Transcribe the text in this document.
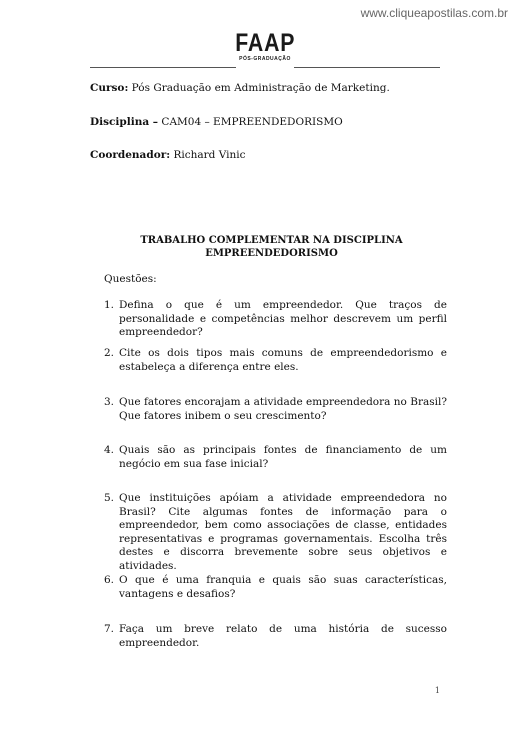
www.cliqueapostilas.com.br
FAAP
PÓS-GRADUAÇÃO
Curso: Pós Graduação em Administração de Marketing.
Disciplina – CAM04 – EMPREENDEDORISMO
Coordenador: Richard Vinic
TRABALHO COMPLEMENTAR NA DISCIPLINA
EMPREENDEDORISMO
Questões:
1. Defina o que é um empreendedor. Que traços de personalidade e competências melhor descrevem um perfil empreendedor?
2. Cite os dois tipos mais comuns de empreendedorismo e estabeleça a diferença entre eles.
3. Que fatores encorajam a atividade empreendedora no Brasil? Que fatores inibem o seu crescimento?
4. Quais são as principais fontes de financiamento de um negócio em sua fase inicial?
5. Que instituições apóiam a atividade empreendedora no Brasil? Cite algumas fontes de informação para o empreendedor, bem como associações de classe, entidades representativas e programas governamentais. Escolha três destes e discorra brevemente sobre seus objetivos e atividades.
6. O que é uma franquia e quais são suas características, vantagens e desafios?
7. Faça um breve relato de uma história de sucesso empreendedor.
1
